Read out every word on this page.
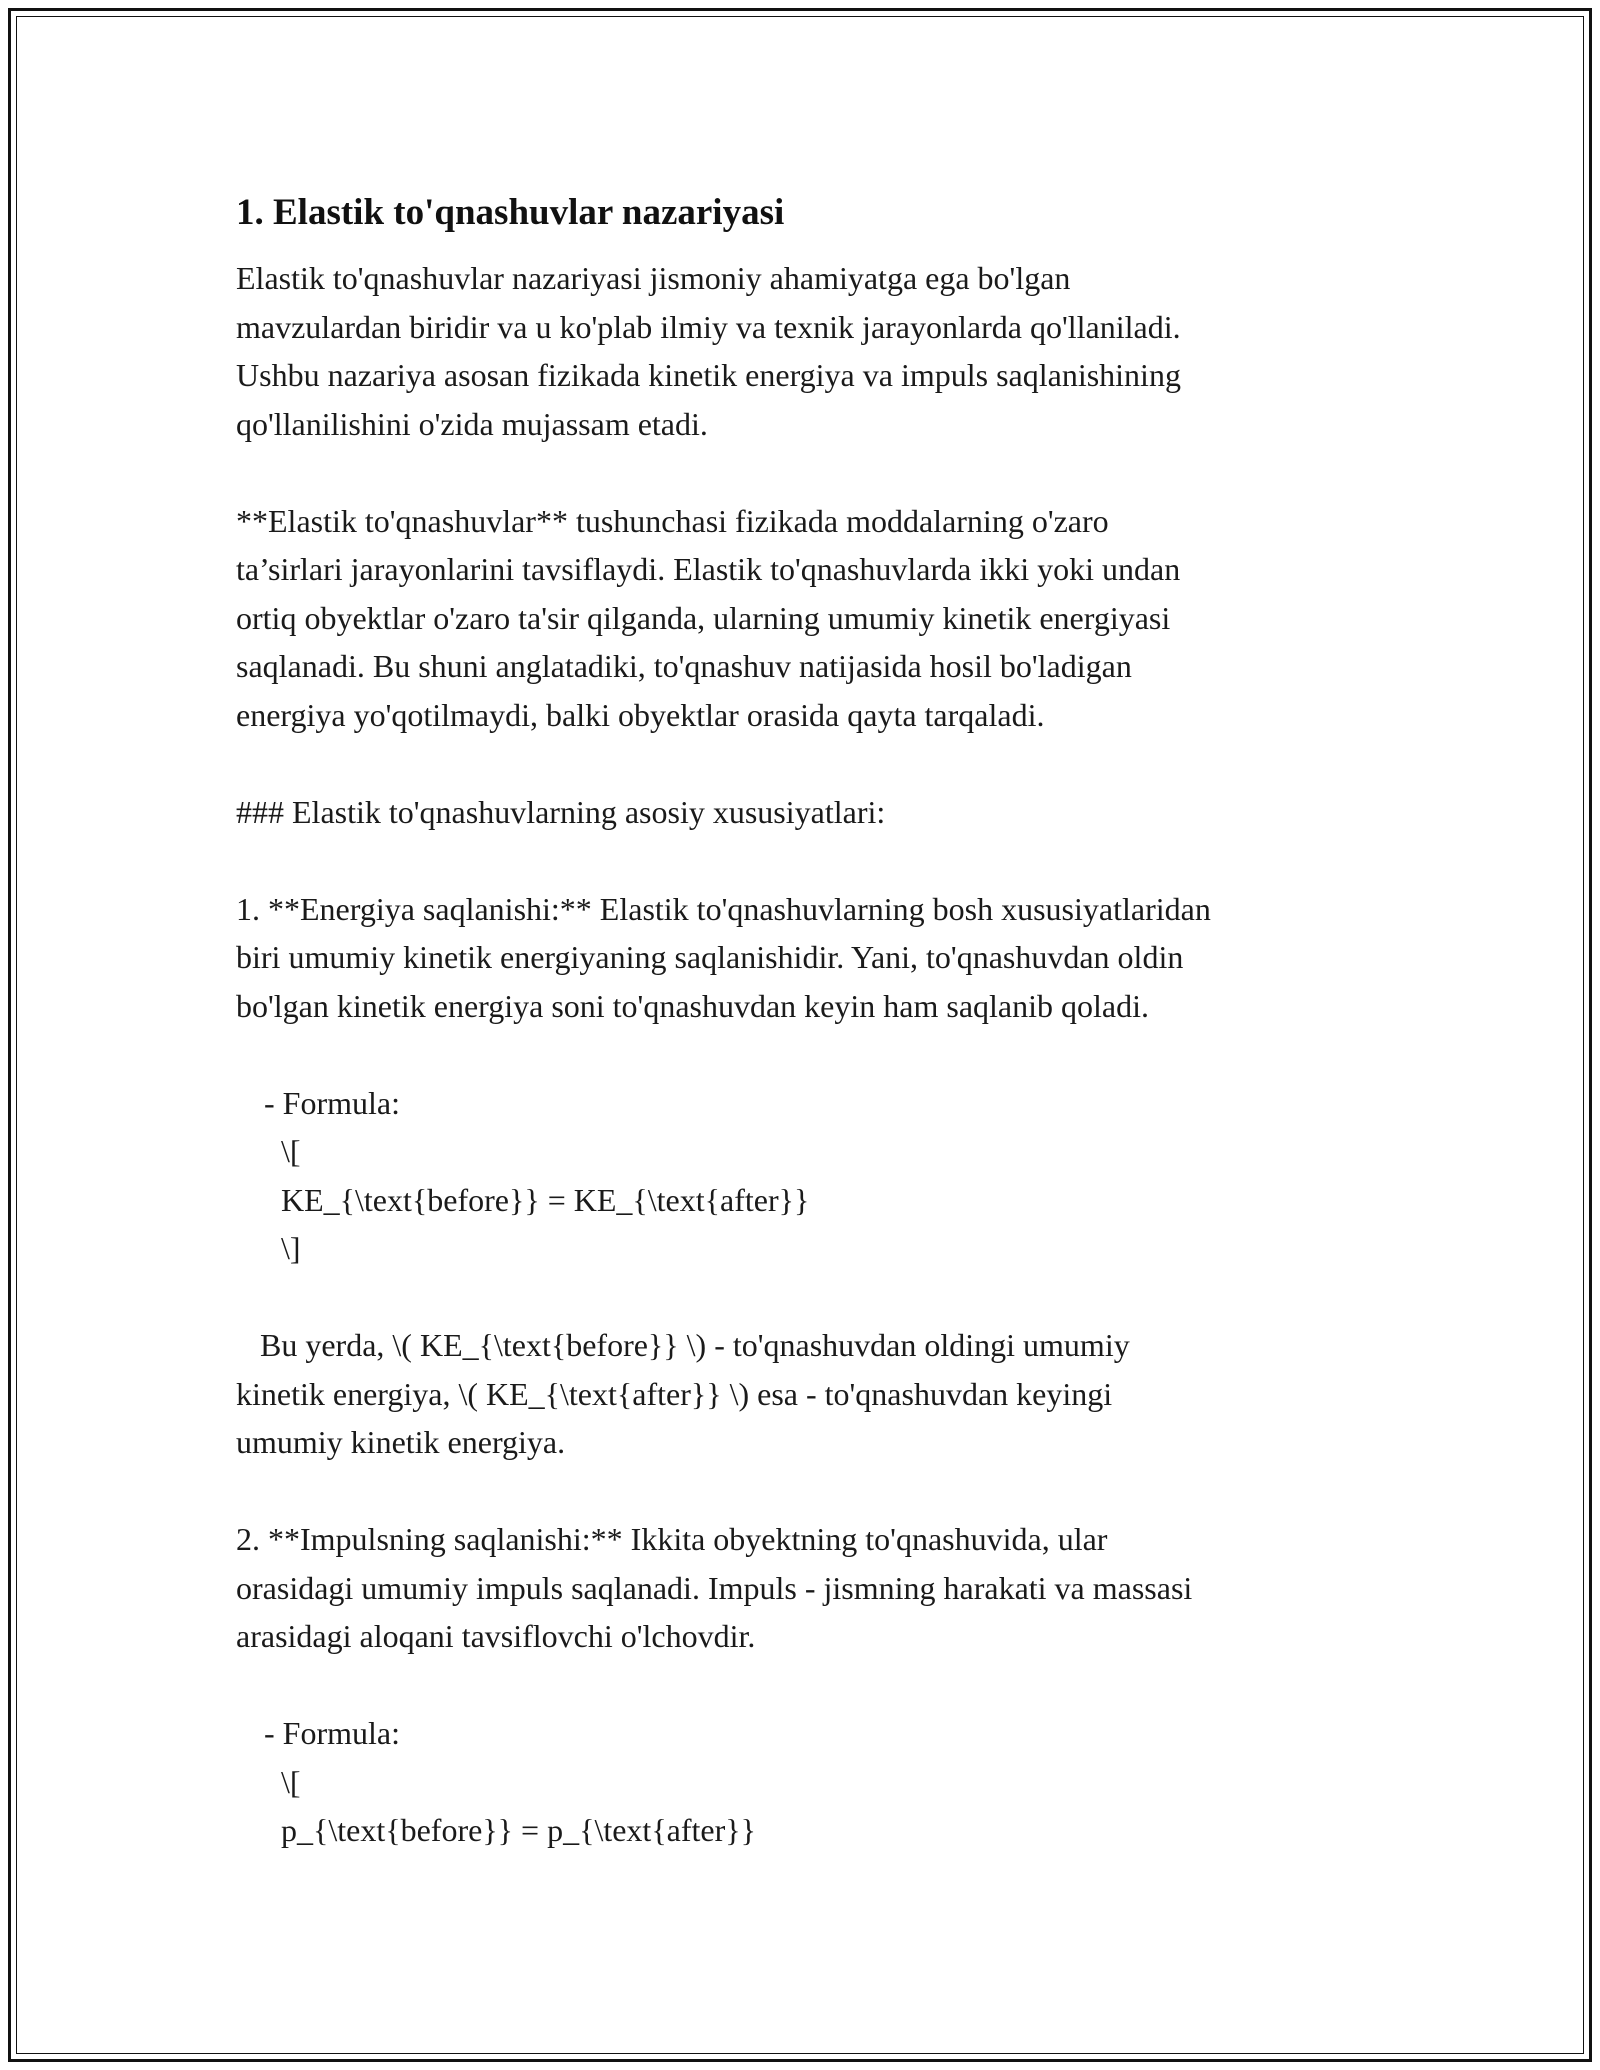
1. Elastik to'qnashuvlar nazariyasi

Elastik to'qnashuvlar nazariyasi jismoniy ahamiyatga ega bo'lgan
mavzulardan biridir va u ko'plab ilmiy va texnik jarayonlarda qo'llaniladi.
Ushbu nazariya asosan fizikada kinetik energiya va impuls saqlanishining
qo'llanilishini o'zida mujassam etadi.

**Elastik to'qnashuvlar** tushunchasi fizikada moddalarning o'zaro
ta’sirlari jarayonlarini tavsiflaydi. Elastik to'qnashuvlarda ikki yoki undan
ortiq obyektlar o'zaro ta'sir qilganda, ularning umumiy kinetik energiyasi
saqlanadi. Bu shuni anglatadiki, to'qnashuv natijasida hosil bo'ladigan
energiya yo'qotilmaydi, balki obyektlar orasida qayta tarqaladi.

### Elastik to'qnashuvlarning asosiy xususiyatlari:

1. **Energiya saqlanishi:** Elastik to'qnashuvlarning bosh xususiyatlaridan
biri umumiy kinetik energiyaning saqlanishidir. Yani, to'qnashuvdan oldin
bo'lgan kinetik energiya soni to'qnashuvdan keyin ham saqlanib qoladi.

- Formula:

\[

KE_{\text{before}} = KE_{\text{after}}

\]

Bu yerda, \( KE_{\text{before}} \) - to'qnashuvdan oldingi umumiy
kinetik energiya, \( KE_{\text{after}} \) esa - to'qnashuvdan keyingi
umumiy kinetik energiya.

2. **Impulsning saqlanishi:** Ikkita obyektning to'qnashuvida, ular
orasidagi umumiy impuls saqlanadi. Impuls - jismning harakati va massasi
arasidagi aloqani tavsiflovchi o'lchovdir.

- Formula:

\[

p_{\text{before}} = p_{\text{after}}
